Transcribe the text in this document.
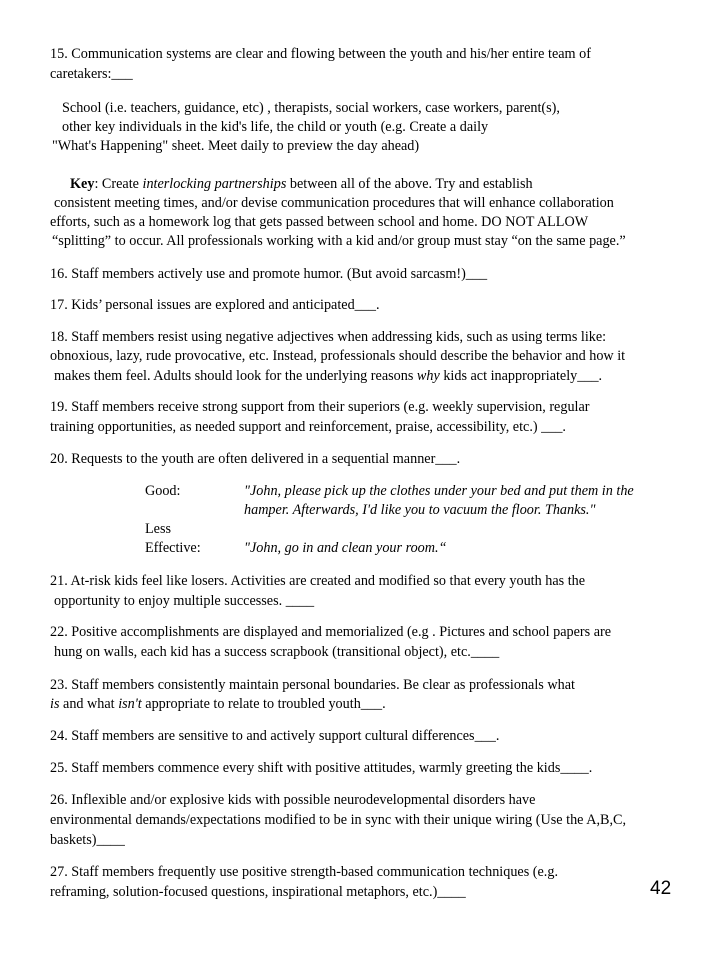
15. Communication systems are clear and flowing between the youth and his/her entire team of
caretakers:___
School (i.e. teachers, guidance, etc) , therapists, social workers, case workers, parent(s),
other key individuals in the kid's life, the child or youth (e.g. Create a daily
"What's Happening" sheet. Meet daily to preview the day ahead)
Key: Create interlocking partnerships between all of the above. Try and establish
consistent meeting times, and/or devise communication procedures that will enhance collaboration
efforts, such as a homework log that gets passed between school and home. DO NOT ALLOW
“splitting” to occur. All professionals working with a kid and/or group must stay “on the same page.”
16. Staff members actively use and promote humor. (But avoid sarcasm!)___
17. Kids’ personal issues are explored and anticipated___.
18. Staff members resist using negative adjectives when addressing kids, such as using terms like:
obnoxious, lazy, rude provocative, etc. Instead, professionals should describe the behavior and how it
makes them feel. Adults should look for the underlying reasons why kids act inappropriately___.
19. Staff members receive strong support from their superiors (e.g. weekly supervision, regular
training opportunities, as needed support and reinforcement, praise, accessibility, etc.) ___.
20. Requests to the youth are often delivered in a sequential manner___.
Good:	"John, please pick up the clothes under your bed and put them in the
hamper. Afterwards, I'd like you to vacuum the floor. Thanks."
Less
Effective:	"John, go in and clean your room.“
21. At-risk kids feel like losers. Activities are created and modified so that every youth has the
opportunity to enjoy multiple successes. ____
22. Positive accomplishments are displayed and memorialized (e.g . Pictures and school papers are
hung on walls, each kid has a success scrapbook (transitional object), etc.____
23. Staff members consistently maintain personal boundaries. Be clear as professionals what
is and what isn't appropriate to relate to troubled youth___.
24. Staff members are sensitive to and actively support cultural differences___.
25. Staff members commence every shift with positive attitudes, warmly greeting the kids____.
26. Inflexible and/or explosive kids with possible neurodevelopmental disorders have
environmental demands/expectations modified to be in sync with their unique wiring (Use the A,B,C,
baskets)____
27. Staff members frequently use positive strength-based communication techniques (e.g.
reframing, solution-focused questions, inspirational metaphors, etc.)____	42
